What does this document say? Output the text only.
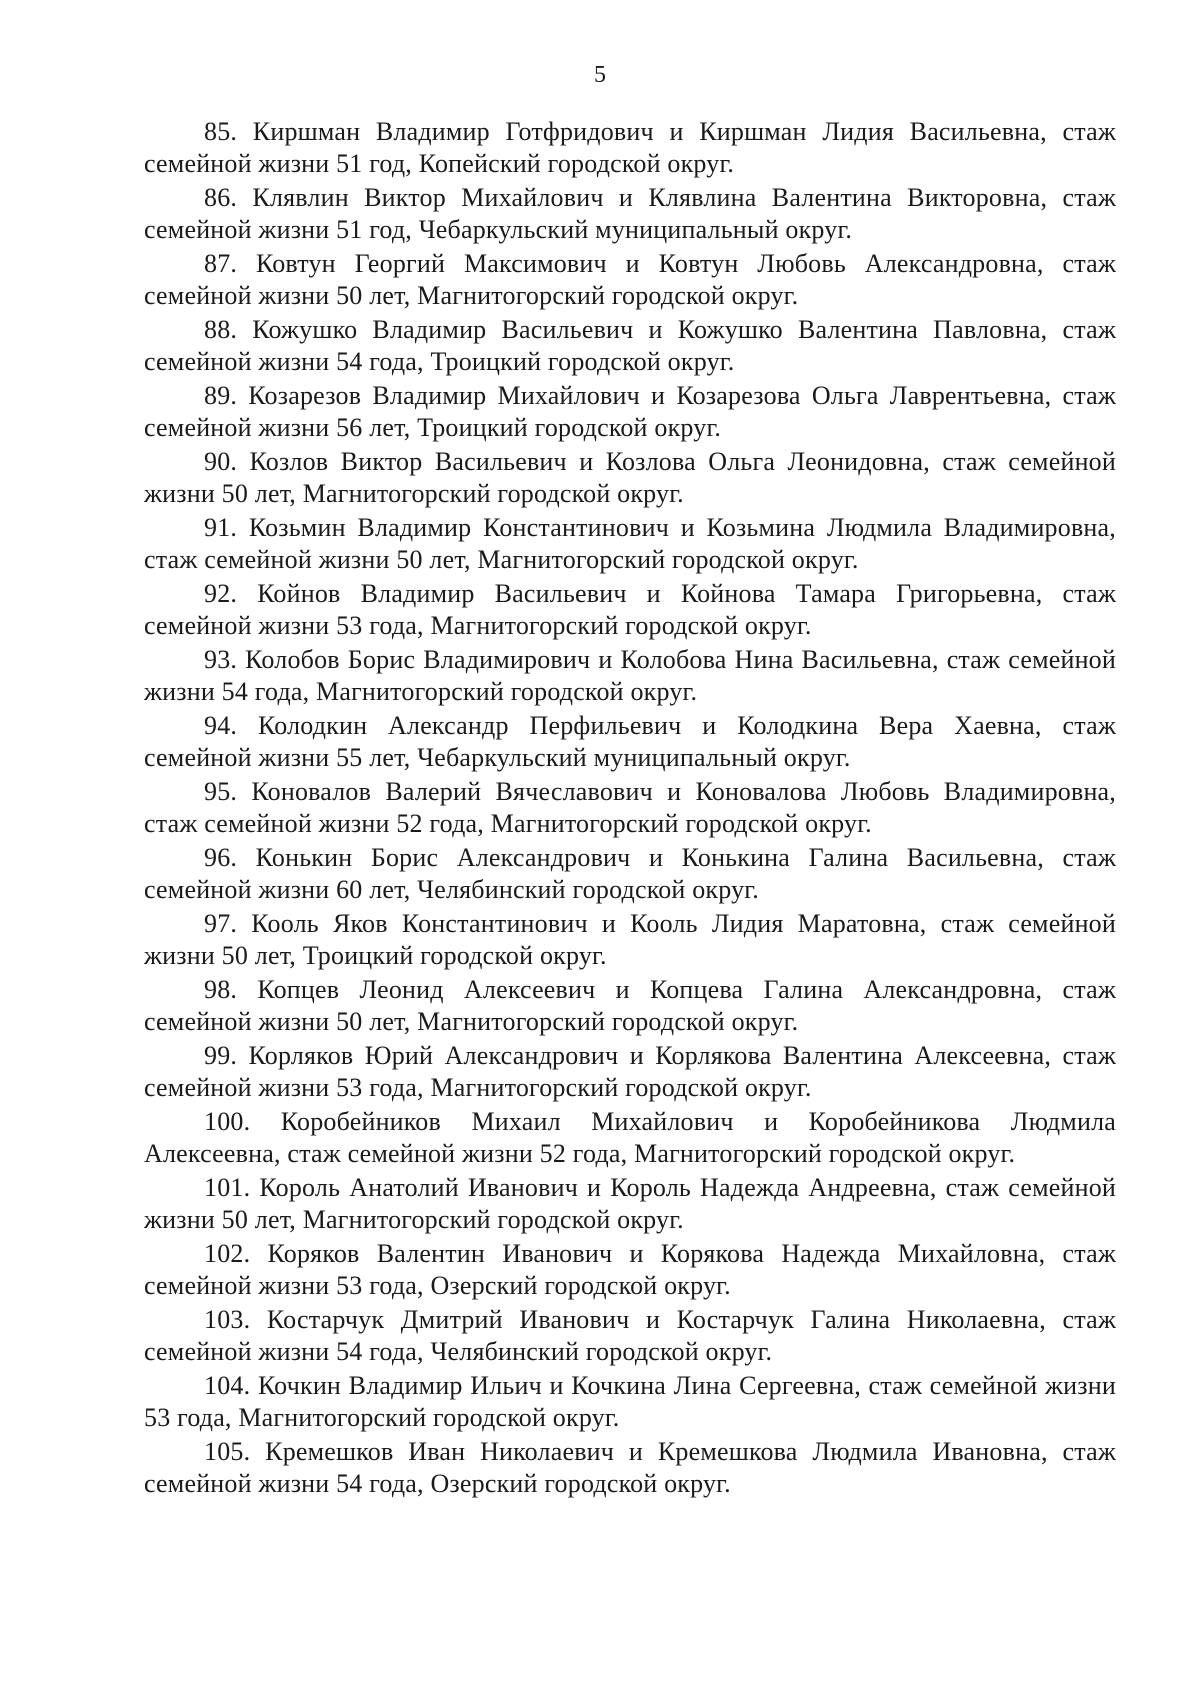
5

85. Киршман Владимир Готфридович и Киршман Лидия Васильевна, стаж семейной жизни 51 год, Копейский городской округ.

86. Клявлин Виктор Михайлович и Клявлина Валентина Викторовна, стаж семейной жизни 51 год, Чебаркульский муниципальный округ.

87. Ковтун Георгий Максимович и Ковтун Любовь Александровна, стаж семейной жизни 50 лет, Магнитогорский городской округ.

88. Кожушко Владимир Васильевич и Кожушко Валентина Павловна, стаж семейной жизни 54 года, Троицкий городской округ.

89. Козарезов Владимир Михайлович и Козарезова Ольга Лаврентьевна, стаж семейной жизни 56 лет, Троицкий городской округ.

90. Козлов Виктор Васильевич и Козлова Ольга Леонидовна, стаж семейной жизни 50 лет, Магнитогорский городской округ.

91. Козьмин Владимир Константинович и Козьмина Людмила Владимировна, стаж семейной жизни 50 лет, Магнитогорский городской округ.

92. Койнов Владимир Васильевич и Койнова Тамара Григорьевна, стаж семейной жизни 53 года, Магнитогорский городской округ.

93. Колобов Борис Владимирович и Колобова Нина Васильевна, стаж семейной жизни 54 года, Магнитогорский городской округ.

94. Колодкин Александр Перфильевич и Колодкина Вера Хаевна, стаж семейной жизни 55 лет, Чебаркульский муниципальный округ.

95. Коновалов Валерий Вячеславович и Коновалова Любовь Владимировна, стаж семейной жизни 52 года, Магнитогорский городской округ.

96. Конькин Борис Александрович и Конькина Галина Васильевна, стаж семейной жизни 60 лет, Челябинский городской округ.

97. Кооль Яков Константинович и Кооль Лидия Маратовна, стаж семейной жизни 50 лет, Троицкий городской округ.

98. Копцев Леонид Алексеевич и Копцева Галина Александровна, стаж семейной жизни 50 лет, Магнитогорский городской округ.

99. Корляков Юрий Александрович и Корлякова Валентина Алексеевна, стаж семейной жизни 53 года, Магнитогорский городской округ.

100. Коробейников Михаил Михайлович и Коробейникова Людмила Алексеевна, стаж семейной жизни 52 года, Магнитогорский городской округ.

101. Король Анатолий Иванович и Король Надежда Андреевна, стаж семейной жизни 50 лет, Магнитогорский городской округ.

102. Коряков Валентин Иванович и Корякова Надежда Михайловна, стаж семейной жизни 53 года, Озерский городской округ.

103. Костарчук Дмитрий Иванович и Костарчук Галина Николаевна, стаж семейной жизни 54 года, Челябинский городской округ.

104. Кочкин Владимир Ильич и Кочкина Лина Сергеевна, стаж семейной жизни 53 года, Магнитогорский городской округ.

105. Кремешков Иван Николаевич и Кремешкова Людмила Ивановна, стаж семейной жизни 54 года, Озерский городской округ.
